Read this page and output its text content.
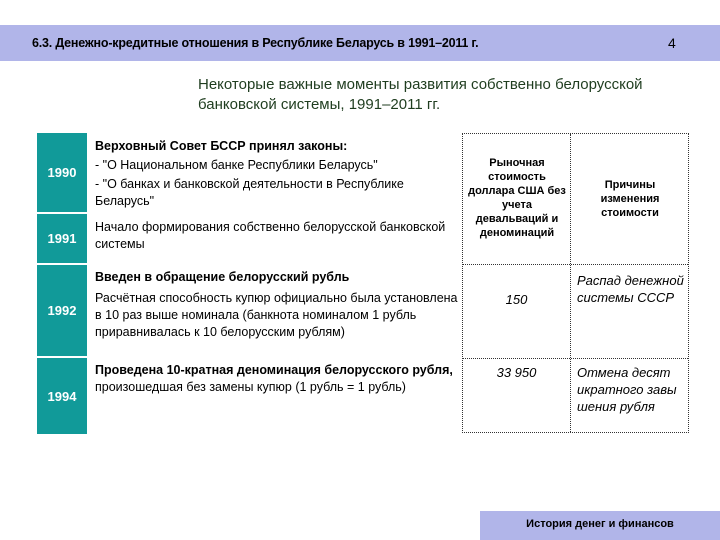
6.3. Денежно-кредитные отношения в Республике Беларусь в 1991–2011 г.	4
Некоторые важные моменты развития собственно белорусской банковской системы, 1991–2011 гг.
1990
1991
1992
1994

Верховный Совет БССР принял законы:

- "О Национальном банке Республики Беларусь"

- "О банках и банковской деятельности в Республике Беларусь"

Начало формирования собственно белорусской банковской системы

Введен в обращение белорусский рубль

Расчётная способность купюр официально была установлена в 10 раз выше номинала (банкнота номиналом 1 рубль приравнивалась к 10 белорусским рублям)

Проведена 10-кратная деноминация белорусского рубля, произошедшая без замены купюр (1 рубль = 1 рубль)

Рыночная стоимость доллара США без учета девальваций и деноминаций
Причины изменения стоимости
150
Распад денежной системы СССР
33 950	Отмена десятикратного завышения рубля
История денег и финансов
